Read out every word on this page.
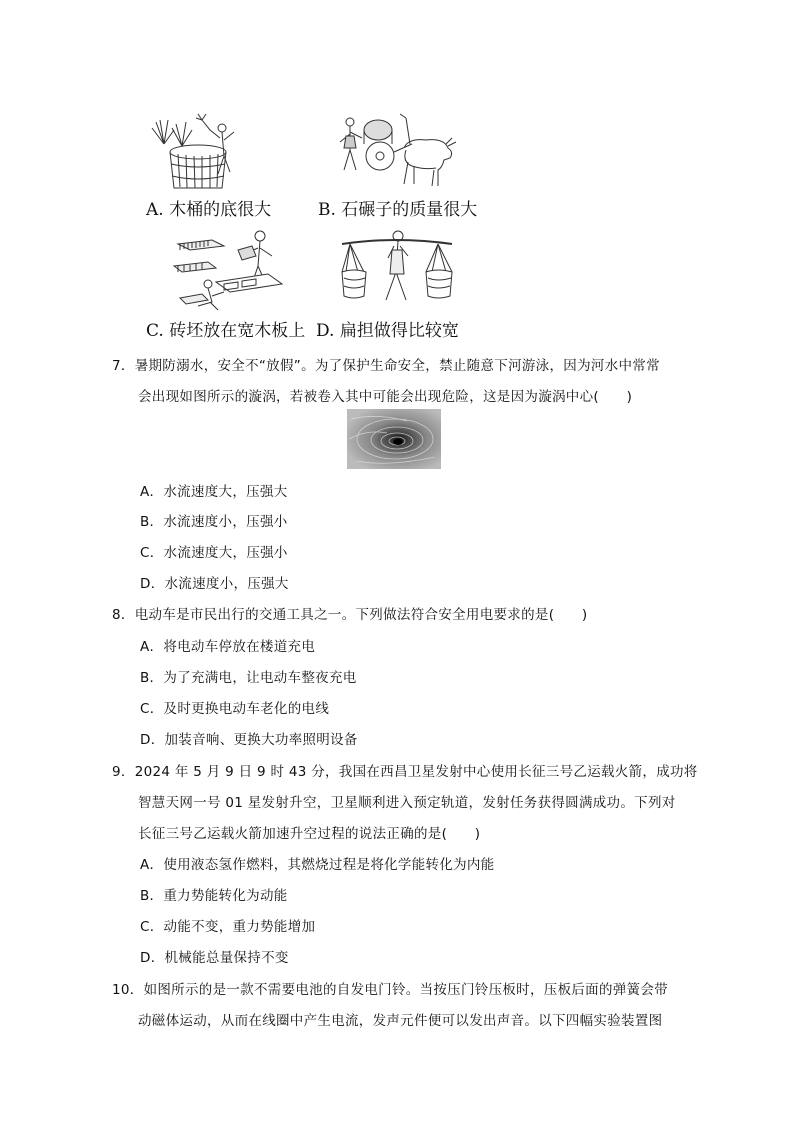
A. 木桶的底很大	B. 石碾子的质量很大
C. 砖坯放在宽木板上 D. 扁担做得比较宽
7．暑期防溺水，安全不“放假”。为了保护生命安全，禁止随意下河游泳，因为河水中常常
会出现如图所示的漩涡，若被卷入其中可能会出现危险，这是因为漩涡中心(　　)
A．水流速度大，压强大
B．水流速度小，压强小
C．水流速度大，压强小
D．水流速度小，压强大
8．电动车是市民出行的交通工具之一。下列做法符合安全用电要求的是(　　)
A．将电动车停放在楼道充电
B．为了充满电，让电动车整夜充电
C．及时更换电动车老化的电线
D．加装音响、更换大功率照明设备
9．2024 年 5 月 9 日 9 时 43 分，我国在西昌卫星发射中心使用长征三号乙运载火箭，成功将
智慧天网一号 01 星发射升空，卫星顺利进入预定轨道，发射任务获得圆满成功。下列对
长征三号乙运载火箭加速升空过程的说法正确的是(　　)
A．使用液态氢作燃料，其燃烧过程是将化学能转化为内能
B．重力势能转化为动能
C．动能不变，重力势能增加
D．机械能总量保持不变
10．如图所示的是一款不需要电池的自发电门铃。当按压门铃压板时，压板后面的弹簧会带
动磁体运动，从而在线圈中产生电流，发声元件便可以发出声音。以下四幅实验装置图
